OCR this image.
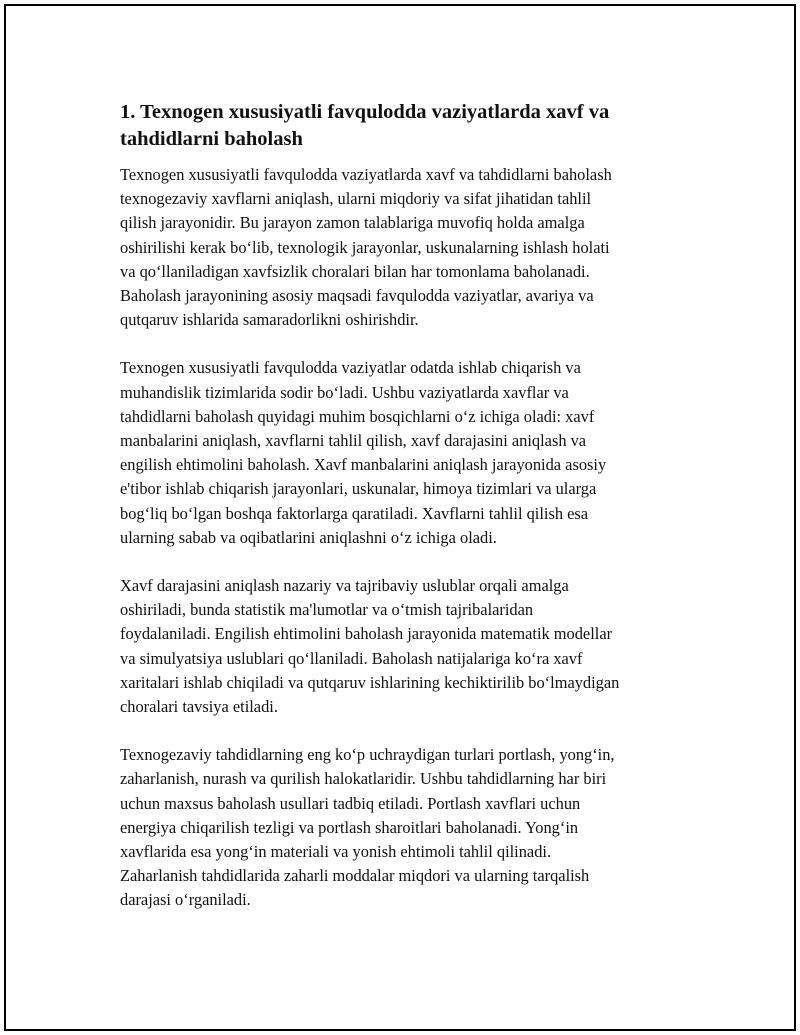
1. Texnogen xususiyatli favqulodda vaziyatlarda xavf va
tahdidlarni baholash

Texnogen xususiyatli favqulodda vaziyatlarda xavf va tahdidlarni baholash
texnogezaviy xavflarni aniqlash, ularni miqdoriy va sifat jihatidan tahlil
qilish jarayonidir. Bu jarayon zamon talablariga muvofiq holda amalga
oshirilishi kerak bo‘lib, texnologik jarayonlar, uskunalarning ishlash holati
va qo‘llaniladigan xavfsizlik choralari bilan har tomonlama baholanadi.
Baholash jarayonining asosiy maqsadi favqulodda vaziyatlar, avariya va
qutqaruv ishlarida samaradorlikni oshirishdir.

Texnogen xususiyatli favqulodda vaziyatlar odatda ishlab chiqarish va
muhandislik tizimlarida sodir bo‘ladi. Ushbu vaziyatlarda xavflar va
tahdidlarni baholash quyidagi muhim bosqichlarni o‘z ichiga oladi: xavf
manbalarini aniqlash, xavflarni tahlil qilish, xavf darajasini aniqlash va
engilish ehtimolini baholash. Xavf manbalarini aniqlash jarayonida asosiy
e'tibor ishlab chiqarish jarayonlari, uskunalar, himoya tizimlari va ularga
bog‘liq bo‘lgan boshqa faktorlarga qaratiladi. Xavflarni tahlil qilish esa
ularning sabab va oqibatlarini aniqlashni o‘z ichiga oladi.

Xavf darajasini aniqlash nazariy va tajribaviy uslublar orqali amalga
oshiriladi, bunda statistik ma'lumotlar va o‘tmish tajribalaridan
foydalaniladi. Engilish ehtimolini baholash jarayonida matematik modellar
va simulyatsiya uslublari qo‘llaniladi. Baholash natijalariga ko‘ra xavf
xaritalari ishlab chiqiladi va qutqaruv ishlarining kechiktirilib bo‘lmaydigan
choralari tavsiya etiladi.

Texnogezaviy tahdidlarning eng ko‘p uchraydigan turlari portlash, yong‘in,
zaharlanish, nurash va qurilish halokatlaridir. Ushbu tahdidlarning har biri
uchun maxsus baholash usullari tadbiq etiladi. Portlash xavflari uchun
energiya chiqarilish tezligi va portlash sharoitlari baholanadi. Yong‘in
xavflarida esa yong‘in materiali va yonish ehtimoli tahlil qilinadi.
Zaharlanish tahdidlarida zaharli moddalar miqdori va ularning tarqalish
darajasi o‘rganiladi.
